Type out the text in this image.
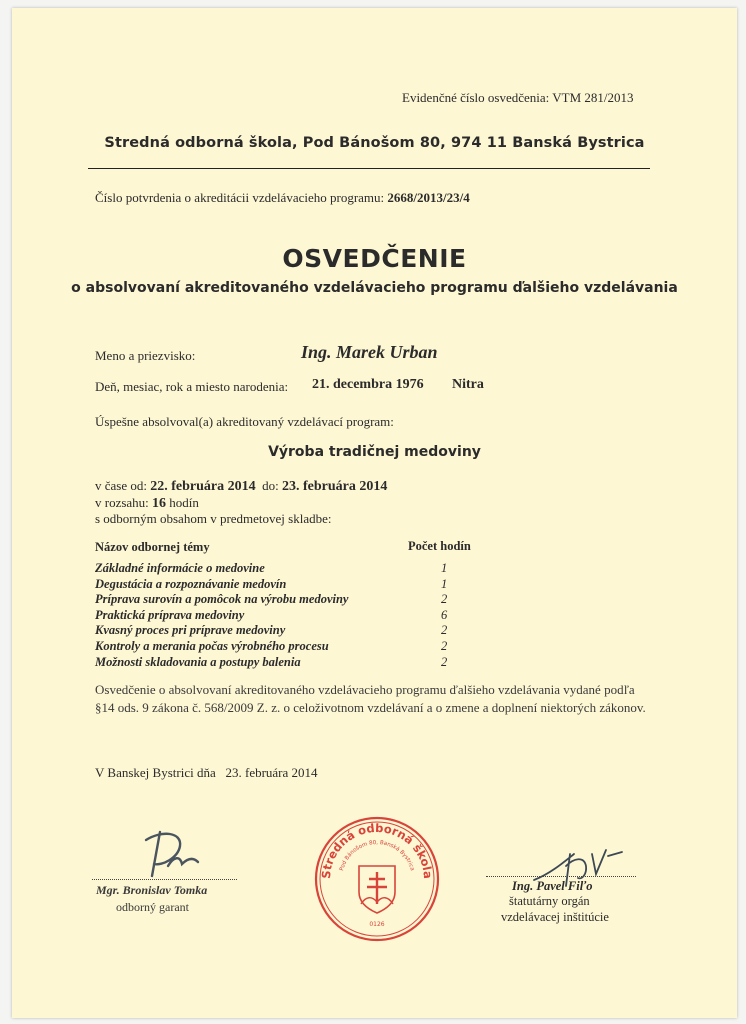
Evidenčné číslo osvedčenia: VTM 281/2013
Stredná odborná škola, Pod Bánošom 80, 974 11 Banská Bystrica
Číslo potvrdenia o akreditácii vzdelávacieho programu: 2668/2013/23/4
OSVEDČENIE
o absolvovaní akreditovaného vzdelávacieho programu ďalšieho vzdelávania
Meno a priezvisko:	Ing. Marek Urban
Deň, mesiac, rok a miesto narodenia: 21. decembra 1976 Nitra
Úspešne absolvoval(a) akreditovaný vzdelávací program:
Výroba tradičnej medoviny
v čase od: 22. februára 2014 do: 23. februára 2014
v rozsahu: 16 hodín
s odborným obsahom v predmetovej skladbe:
Názov odbornej témy	Počet hodín
Základné informácie o medovine	1
Degustácia a rozpoznávanie medovín	1
Príprava surovín a pomôcok na výrobu medoviny	2
Praktická príprava medoviny	6
Kvasný proces pri príprave medoviny	2
Kontroly a merania počas výrobného procesu	2
Možnosti skladovania a postupy balenia	2
Osvedčenie o absolvovaní akreditovaného vzdelávacieho programu ďalšieho vzdelávania vydané podľa §14 ods. 9 zákona č. 568/2009 Z. z. o celoživotnom vzdelávaní a o zmene a doplnení niektorých zákonov.
V Banskej Bystrici dňa 23. februára 2014
Mgr. Bronislav Tomka
odborný garant
Stredná odborná škola
Pod Bánošom 80, Banská Bystrica
0126
Ing. Pavel Fiľo
štatutárny orgán
vzdelávacej inštitúcie
